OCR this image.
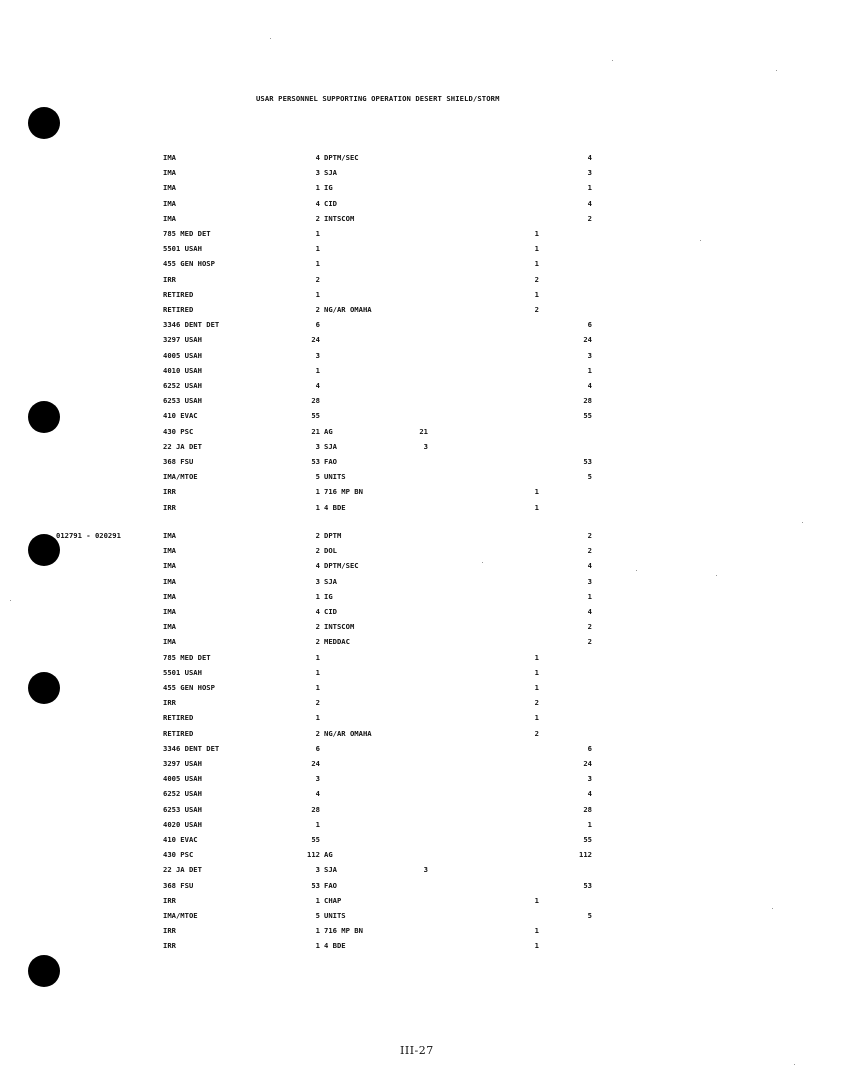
USAR PERSONNEL SUPPORTING OPERATION DESERT SHIELD/STORM
IMA	4 DPTM/SEC	4
IMA	3 SJA	3
IMA	1 IG	1
IMA	4 CID	4
IMA	2 INTSCOM	2
785 MED DET	1	1
5501 USAH	1	1
455 GEN HOSP	1	1
IRR	2	2
RETIRED	1	1
RETIRED	2 NG/AR OMAHA	2
3346 DENT DET	6	6
3297 USAH	24	24
4005 USAH	3	3
4010 USAH	1	1
6252 USAH	4	4
6253 USAH	28	28
410 EVAC	55	55
430 PSC	21 AG	21
22 JA DET	3 SJA	3
368 FSU	53 FAO	53
IMA/MTOE	5 UNITS	5
IRR	1 716 MP BN	1
IRR	1 4 BDE	1
012791 - 020291	IMA	2 DPTM	2
IMA	2 DOL	2
IMA	4 DPTM/SEC	4
IMA	3 SJA	3
IMA	1 IG	1
IMA	4 CID	4
IMA	2 INTSCOM	2
IMA	2 MEDDAC	2
785 MED DET	1	1
5501 USAH	1	1
455 GEN HOSP	1	1
IRR	2	2
RETIRED	1	1
RETIRED	2 NG/AR OMAHA	2
3346 DENT DET	6	6
3297 USAH	24	24
4005 USAH	3	3
6252 USAH	4	4
6253 USAH	28	28
4020 USAH	1	1
410 EVAC	55	55
430 PSC	112 AG	112
22 JA DET	3 SJA	3
368 FSU	53 FAO	53
IRR	1 CHAP	1
IMA/MTOE	5 UNITS	5
IRR	1 716 MP BN	1
IRR	1 4 BDE	1
III-27
